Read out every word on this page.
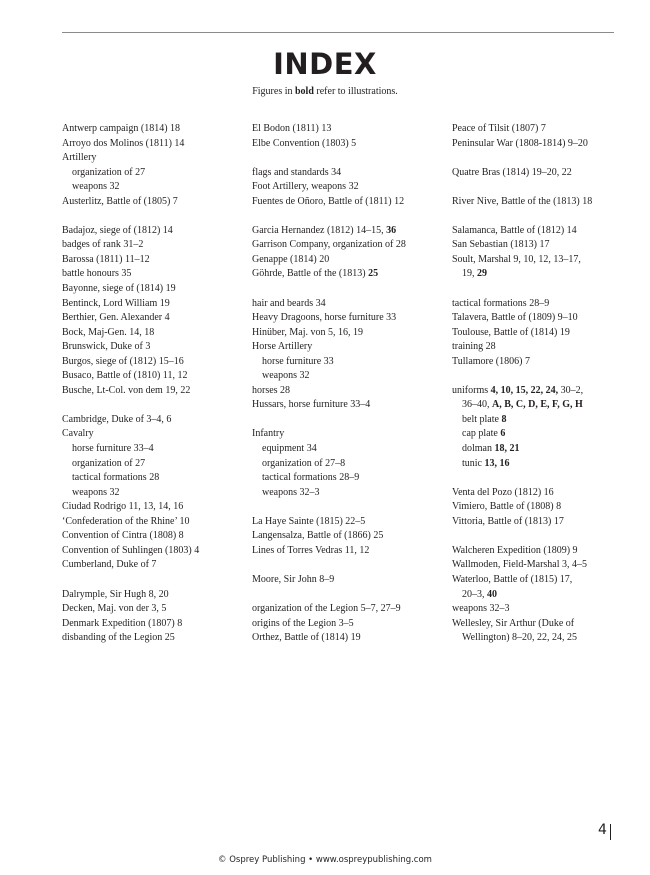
INDEX
Figures in bold refer to illustrations.
Antwerp campaign (1814) 18
Arroyo dos Molinos (1811) 14
Artillery
organization of 27
weapons 32
Austerlitz, Battle of (1805) 7
Badajoz, siege of (1812) 14
badges of rank 31–2
Barossa (1811) 11–12
battle honours 35
Bayonne, siege of (1814) 19
Bentinck, Lord William 19
Berthier, Gen. Alexander 4
Bock, Maj-Gen. 14, 18
Brunswick, Duke of 3
Burgos, siege of (1812) 15–16
Busaco, Battle of (1810) 11, 12
Busche, Lt-Col. von dem 19, 22
Cambridge, Duke of 3–4, 6
Cavalry
horse furniture 33–4
organization of 27
tactical formations 28
weapons 32
Ciudad Rodrigo 11, 13, 14, 16
‘Confederation of the Rhine’ 10
Convention of Cintra (1808) 8
Convention of Suhlingen (1803) 4
Cumberland, Duke of 7
Dalrymple, Sir Hugh 8, 20
Decken, Maj. von der 3, 5
Denmark Expedition (1807) 8
disbanding of the Legion 25
El Bodon (1811) 13
Elbe Convention (1803) 5
flags and standards 34
Foot Artillery, weapons 32
Fuentes de Oñoro, Battle of (1811) 12
Garcia Hernandez (1812) 14–15, 36
Garrison Company, organization of 28
Genappe (1814) 20
Göhrde, Battle of the (1813) 25
hair and beards 34
Heavy Dragoons, horse furniture 33
Hinüber, Maj. von 5, 16, 19
Horse Artillery
horse furniture 33
weapons 32
horses 28
Hussars, horse furniture 33–4
Infantry
equipment 34
organization of 27–8
tactical formations 28–9
weapons 32–3
La Haye Sainte (1815) 22–5
Langensalza, Battle of (1866) 25
Lines of Torres Vedras 11, 12
Moore, Sir John 8–9
organization of the Legion 5–7, 27–9
origins of the Legion 3–5
Orthez, Battle of (1814) 19
Peace of Tilsit (1807) 7
Peninsular War (1808-1814) 9–20
Quatre Bras (1814) 19–20, 22
River Nive, Battle of the (1813) 18
Salamanca, Battle of (1812) 14
San Sebastian (1813) 17
Soult, Marshal 9, 10, 12, 13–17,
19, 29
tactical formations 28–9
Talavera, Battle of (1809) 9–10
Toulouse, Battle of (1814) 19
training 28
Tullamore (1806) 7
uniforms 4, 10, 15, 22, 24, 30–2,
36–40, A, B, C, D, E, F, G, H
belt plate 8
cap plate 6
dolman 18, 21
tunic 13, 16
Venta del Pozo (1812) 16
Vimiero, Battle of (1808) 8
Vittoria, Battle of (1813) 17
Walcheren Expedition (1809) 9
Wallmoden, Field-Marshal 3, 4–5
Waterloo, Battle of (1815) 17,
20–3, 40
weapons 32–3
Wellesley, Sir Arthur (Duke of
Wellington) 8–20, 22, 24, 25
4
© Osprey Publishing • www.ospreypublishing.com
